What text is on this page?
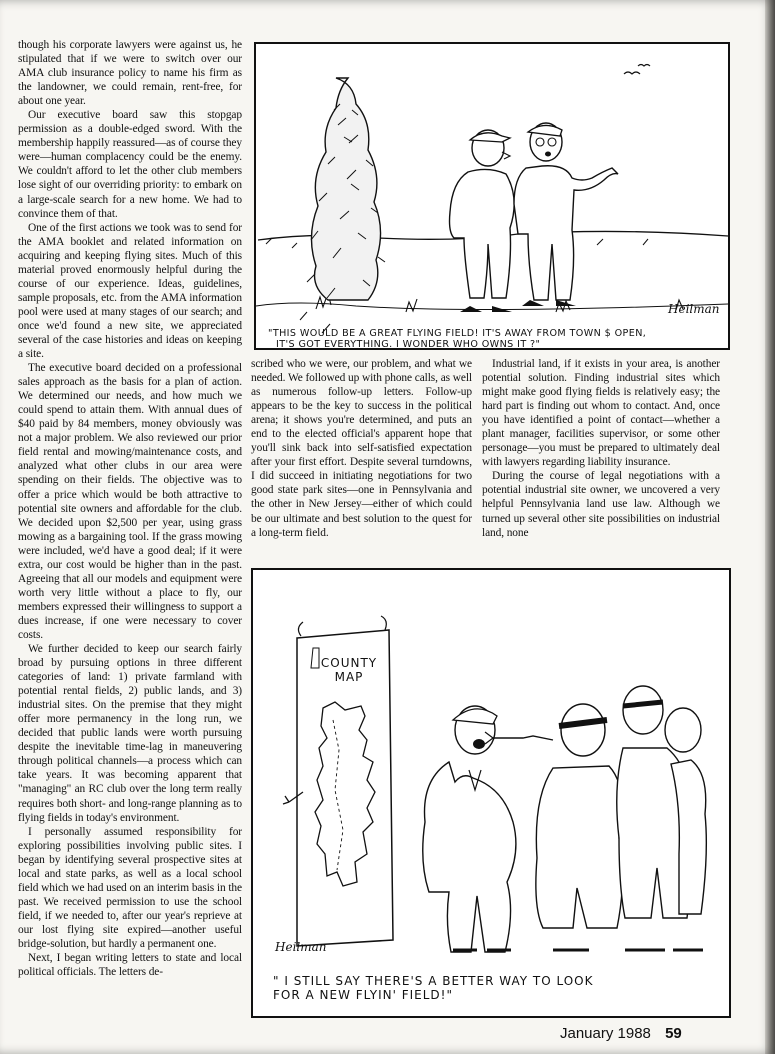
though his corporate lawyers were against us, he stipulated that if we were to switch over our AMA club insurance policy to name his firm as the landowner, we could remain, rent-free, for about one year.

Our executive board saw this stopgap permission as a double-edged sword. With the membership happily reassured—as of course they were—human complacency could be the enemy. We couldn't afford to let the other club members lose sight of our overriding priority: to embark on a large-scale search for a new home. We had to convince them of that.

One of the first actions we took was to send for the AMA booklet and related information on acquiring and keeping flying sites. Much of this material proved enormously helpful during the course of our experience. Ideas, guidelines, sample proposals, etc. from the AMA information pool were used at many stages of our search; and once we'd found a new site, we appreciated several of the case histories and ideas on keeping a site.

The executive board decided on a professional sales approach as the basis for a plan of action. We determined our needs, and how much we could spend to attain them. With annual dues of $40 paid by 84 members, money obviously was not a major problem. We also reviewed our prior field rental and mowing/maintenance costs, and analyzed what other clubs in our area were spending on their fields. The objective was to offer a price which would be both attractive to potential site owners and affordable for the club. We decided upon $2,500 per year, using grass mowing as a bargaining tool. If the grass mowing were included, we'd have a good deal; if it were extra, our cost would be higher than in the past. Agreeing that all our models and equipment were worth very little without a place to fly, our members expressed their willingness to support a dues increase, if one were necessary to cover costs.

We further decided to keep our search fairly broad by pursuing options in three different categories of land: 1) private farmland with potential rental fields, 2) public lands, and 3) industrial sites. On the premise that they might offer more permanency in the long run, we decided that public lands were worth pursuing despite the inevitable time-lag in maneuvering through political channels—a process which can take years. It was becoming apparent that "managing" an RC club over the long term really requires both short- and long-range planning as to flying fields in today's environment.

I personally assumed responsibility for exploring possibilities involving public sites. I began by identifying several prospective sites at local and state parks, as well as a local school field which we had used on an interim basis in the past. We received permission to use the school field, if we needed to, after our year's reprieve at our lost flying site expired—another useful bridge-solution, but hardly a permanent one.

Next, I began writing letters to state and local political officials. The letters de-

Heilman
"THIS WOULD BE A GREAT FLYING FIELD! IT'S AWAY FROM TOWN $ OPEN,
IT'S GOT EVERYTHING. I WONDER WHO OWNS IT ?"

scribed who we were, our problem, and what we needed. We followed up with phone calls, as well as numerous follow-up letters. Follow-up appears to be the key to success in the political arena; it shows you're determined, and puts an end to the elected official's apparent hope that you'll sink back into self-satisfied expectation after your first effort. Despite several turndowns, I did succeed in initiating negotiations for two good state park sites—one in Pennsylvania and the other in New Jersey—either of which could be our ultimate and best solution to the quest for a long-term field.

Industrial land, if it exists in your area, is another potential solution. Finding industrial sites which might make good flying fields is relatively easy; the hard part is finding out whom to contact. And, once you have identified a point of contact—whether a plant manager, facilities supervisor, or some other personage—you must be prepared to ultimately deal with lawyers regarding liability insurance.

During the course of legal negotiations with a potential industrial site owner, we uncovered a very helpful Pennsylvania land use law. Although we turned up several other site possibilities on industrial land, none

COUNTY
MAP
Heilman
" I STILL SAY THERE'S A BETTER WAY TO LOOK
FOR A NEW FLYIN' FIELD!"
January 1988 59
